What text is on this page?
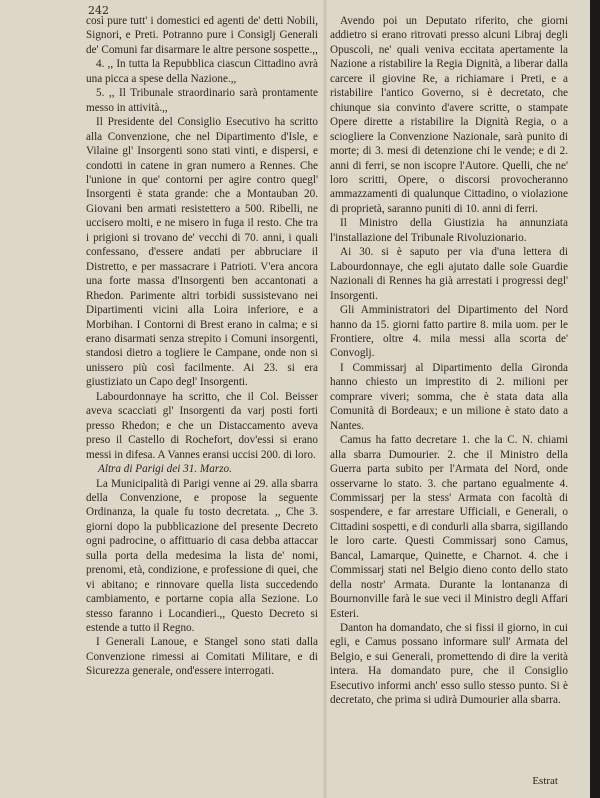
242

così pure tutt' i domestici ed agenti de' detti Nobili, Signori, e Preti. Potranno pure i Consiglj Generali de' Comuni far disarmare le altre persone sospette.,,

4. ,, In tutta la Repubblica ciascun Cittadino avrà una picca a spese della Nazione.,,

5. ,, Il Tribunale straordinario sarà prontamente messo in attività.,,

Il Presidente del Consiglio Esecutivo ha scritto alla Convenzione, che nel Dipartimento d'Isle, e Vilaine gl' Insorgenti sono stati vinti, e dispersi, e condotti in catene in gran numero a Rennes. Che l'unione in que' contorni per agire contro quegl' Insorgenti è stata grande: che a Montauban 20. Giovani ben armati resistettero a 500. Ribelli, ne uccisero molti, e ne misero in fuga il resto. Che tra i prigioni si trovano de' vecchi di 70. anni, i quali confessano, d'essere andati per abbruciare il Distretto, e per massacrare i Patrioti. V'era ancora una forte massa d'Insorgenti ben accantonati a Rhedon. Parimente altri torbidi sussistevano nei Dipartimenti vicini alla Loira inferiore, e a Morbihan. I Contorni di Brest erano in calma; e si erano disarmati senza strepito i Comuni insorgenti, standosi dietro a togliere le Campane, onde non si unissero più così facilmente. Ai 23. si era giustiziato un Capo degl' Insorgenti.

Labourdonnaye ha scritto, che il Col. Beisser aveva scacciati gl' Insorgenti da varj posti forti presso Rhedon; e che un Distaccamento aveva preso il Castello di Rochefort, dov'essi si erano messi in difesa. A Vannes eransi uccisi 200. di loro.

Altra di Parigi dei 31. Marzo.

La Municipalità di Parigi venne ai 29. alla sbarra della Convenzione, e propose la seguente Ordinanza, la quale fu tosto decretata. ,, Che 3. giorni dopo la pubblicazione del presente Decreto ogni padrocine, o affittuario di casa debba attaccar sulla porta della medesima la lista de' nomi, prenomi, età, condizione, e professione di quei, che vi abitano; e rinnovare quella lista succedendo cambiamento, e portarne copia alla Sezione. Lo stesso faranno i Locandieri.,, Questo Decreto si estende a tutto il Regno.

I Generali Lanoue, e Stangel sono stati dalla Convenzione rimessi ai Comitati Militare, e di Sicurezza generale, ond'essere interrogati.

Avendo poi un Deputato riferito, che giorni addietro si erano ritrovati presso alcuni Libraj degli Opuscoli, ne' quali veniva eccitata apertamente la Nazione a ristabilire la Regia Dignità, a liberar dalla carcere il giovine Re, a richiamare i Preti, e a ristabilire l'antico Governo, si è decretato, che chiunque sia convinto d'avere scritte, o stampate Opere dirette a ristabilire la Dignità Regia, o a sciogliere la Convenzione Nazionale, sarà punito di morte; di 3. mesi di detenzione chi le vende; e di 2. anni di ferri, se non iscopre l'Autore. Quelli, che ne' loro scritti, Opere, o discorsi provocheranno ammazzamenti di qualunque Cittadino, o violazione di proprietà, saranno puniti di 10. anni di ferri.

Il Ministro della Giustizia ha annunziata l'installazione del Tribunale Rivoluzionario.

Ai 30. si è saputo per via d'una lettera di Labourdonnaye, che egli ajutato dalle sole Guardie Nazionali di Rennes ha già arrestati i progressi degl' Insorgenti.

Gli Amministratori del Dipartimento del Nord hanno da 15. giorni fatto partire 8. mila uom. per le Frontiere, oltre 4. mila messi alla scorta de' Convoglj.

I Commissarj al Dipartimento della Gironda hanno chiesto un imprestito di 2. milioni per comprare viveri; somma, che è stata data alla Comunità di Bordeaux; e un milione è stato dato a Nantes.

Camus ha fatto decretare 1. che la C. N. chiami alla sbarra Dumourier. 2. che il Ministro della Guerra parta subito per l'Armata del Nord, onde osservarne lo stato. 3. che partano egualmente 4. Commissarj per la stess' Armata con facoltà di sospendere, e far arrestare Ufficiali, e Generali, o Cittadini sospetti, e di condurli alla sbarra, sigillando le loro carte. Questi Commissarj sono Camus, Bancal, Lamarque, Quinette, e Charnot. 4. che i Commissarj stati nel Belgio dieno conto dello stato della nostr' Armata. Durante la lontananza di Bournonville farà le sue veci il Ministro degli Affari Esteri.

Danton ha domandato, che si fissi il giorno, in cui egli, e Camus possano informare sull' Armata del Belgio, e sui Generali, promettendo di dire la verità intera. Ha domandato pure, che il Consiglio Esecutivo informi anch' esso sullo stesso punto. Si è decretato, che prima si udirà Dumourier alla sbarra.

Estrat
